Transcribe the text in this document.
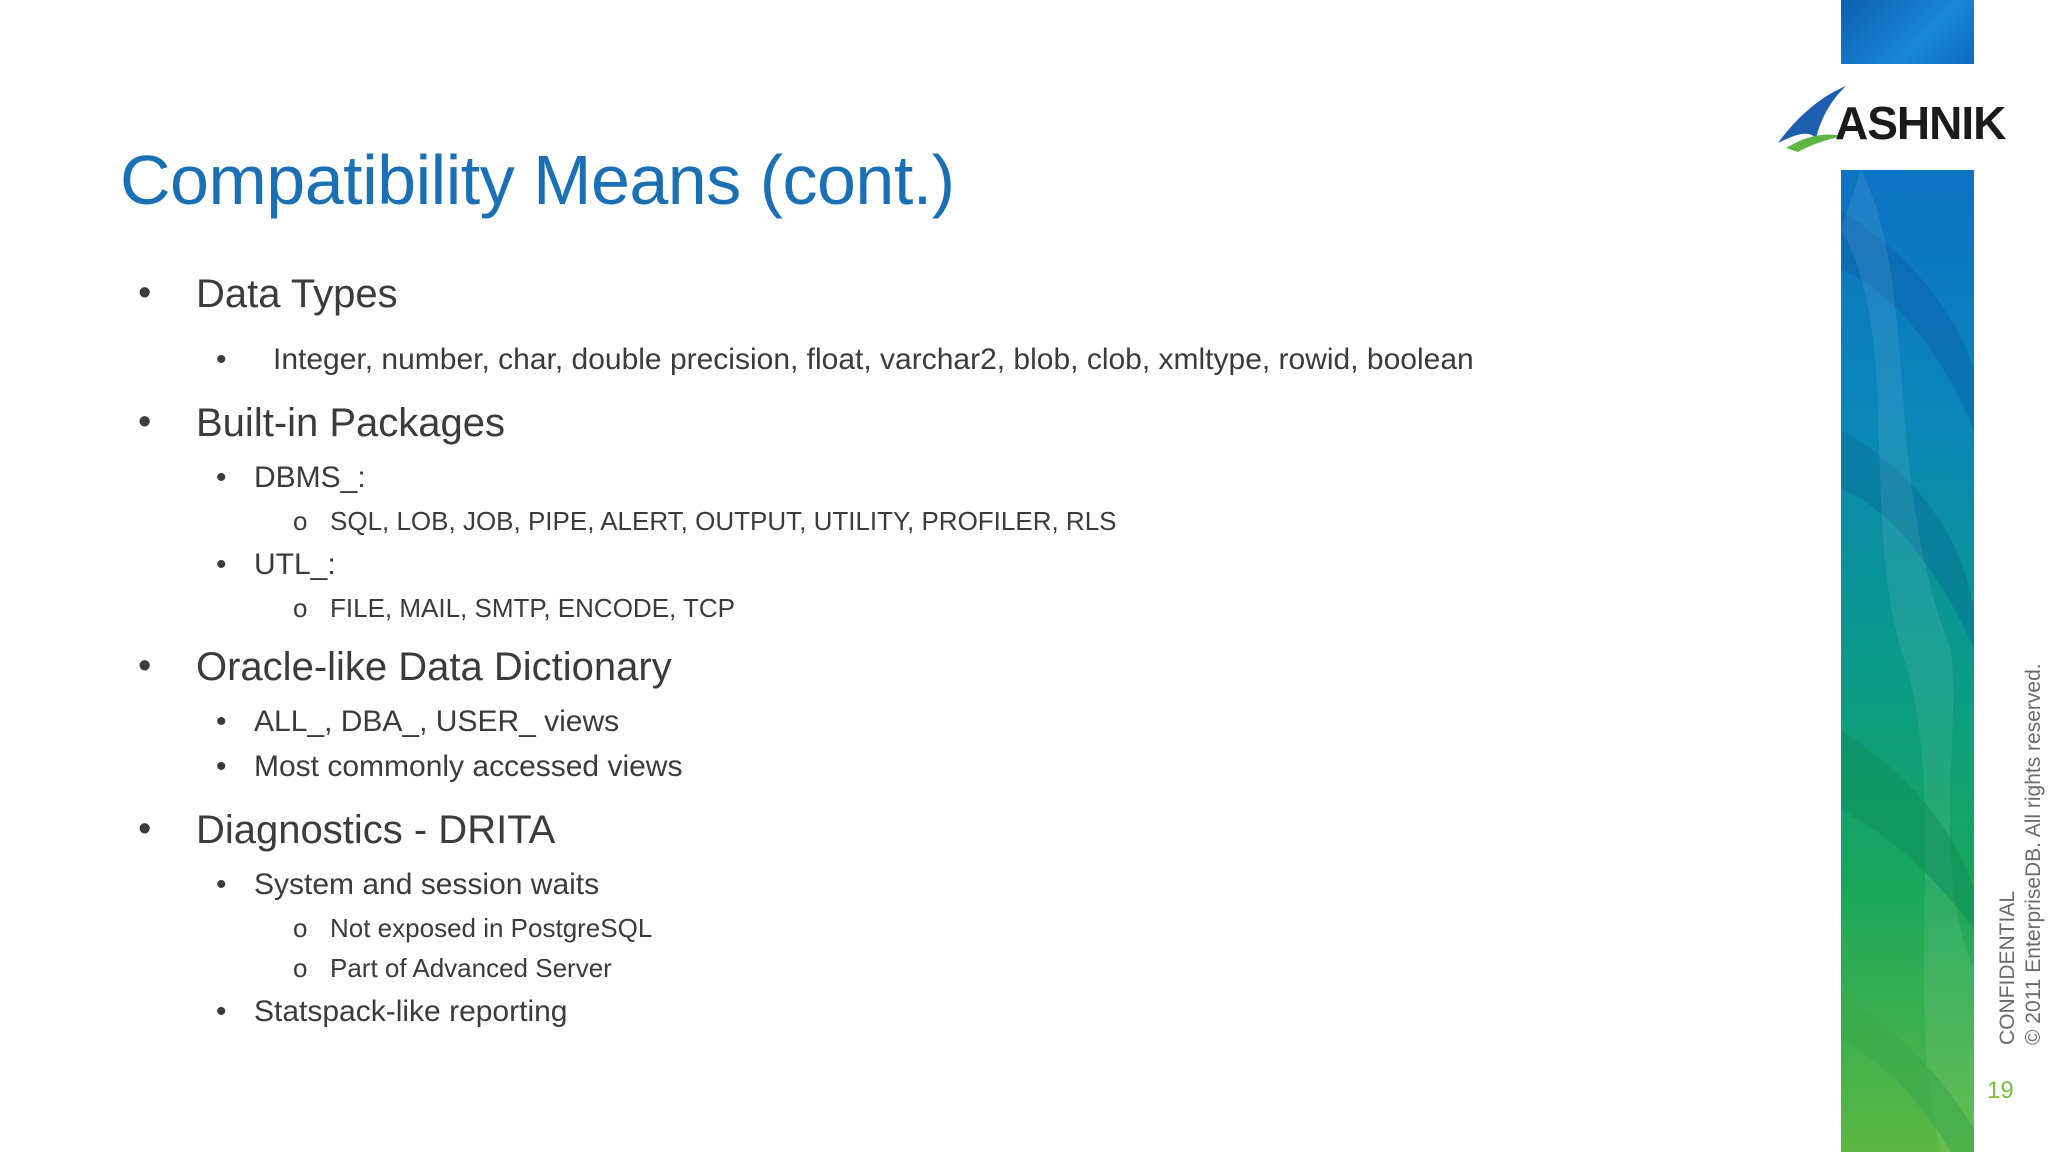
Compatibility Means (cont.)
• Data Types
• Integer, number, char, double precision, float, varchar2, blob, clob, xmltype, rowid, boolean
• Built-in Packages
• DBMS_:
o SQL, LOB, JOB, PIPE, ALERT, OUTPUT, UTILITY, PROFILER, RLS
• UTL_:
o FILE, MAIL, SMTP, ENCODE, TCP
• Oracle-like Data Dictionary
• ALL_, DBA_, USER_ views
• Most commonly accessed views
• Diagnostics - DRITA
• System and session waits
o Not exposed in PostgreSQL
o Part of Advanced Server
• Statspack-like reporting
ASHNIK
CONFIDENTIAL © 2011 EnterpriseDB. All rights reserved.
19
